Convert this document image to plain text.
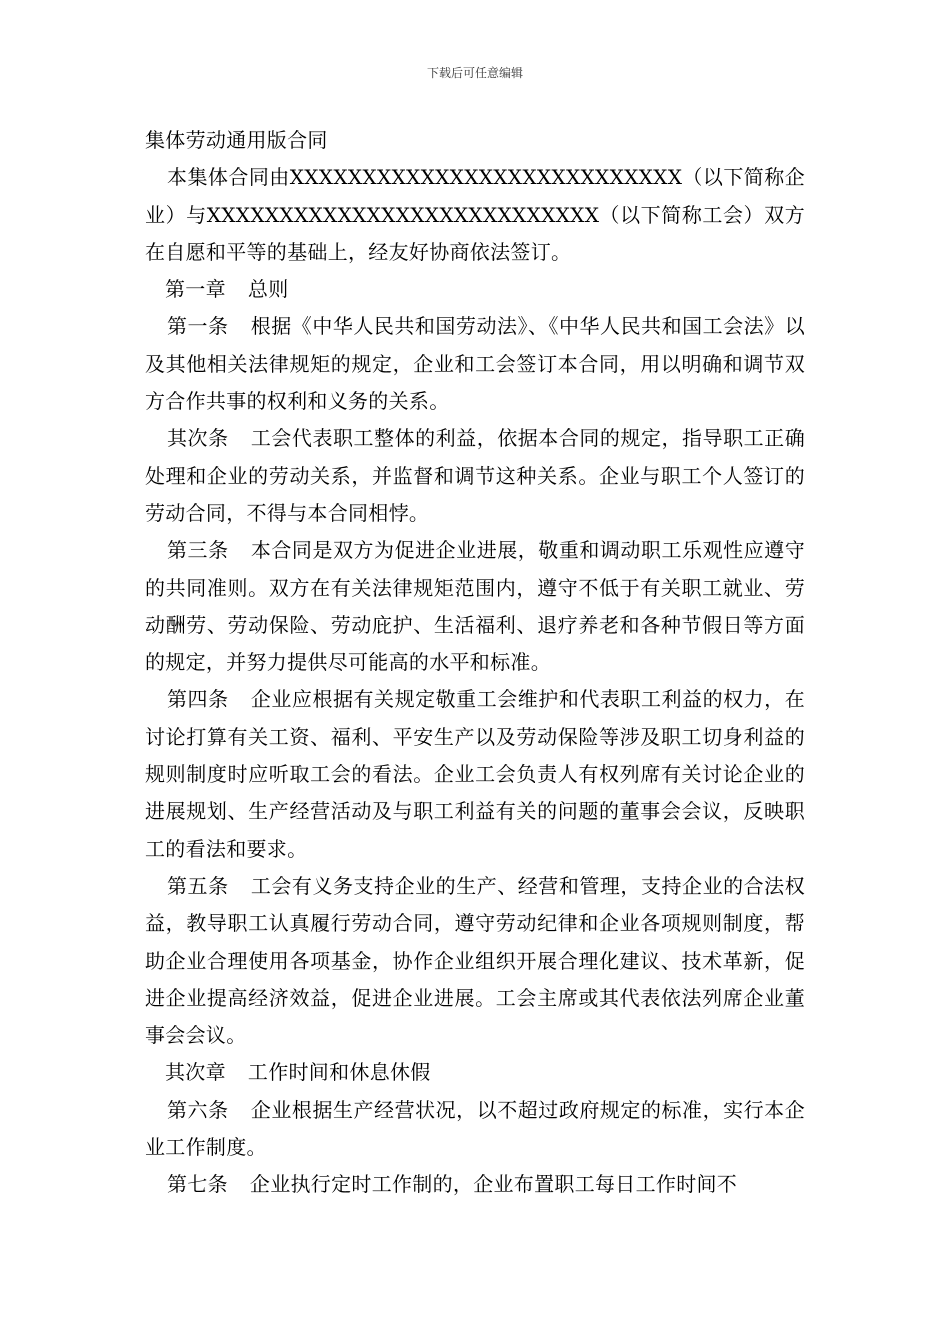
下载后可任意编辑

集体劳动通用版合同

本集体合同由XXXXXXXXXXXXXXXXXXXXXXXXXXX（以下简称企业）与XXXXXXXXXXXXXXXXXXXXXXXXXXX（以下简称工会）双方在自愿和平等的基础上，经友好协商依法签订。

第一章 总则

第一条 根据《中华人民共和国劳动法》、《中华人民共和国工会法》以及其他相关法律规矩的规定，企业和工会签订本合同，用以明确和调节双方合作共事的权利和义务的关系。

其次条 工会代表职工整体的利益，依据本合同的规定，指导职工正确处理和企业的劳动关系，并监督和调节这种关系。企业与职工个人签订的劳动合同，不得与本合同相悖。

第三条 本合同是双方为促进企业进展，敬重和调动职工乐观性应遵守的共同准则。双方在有关法律规矩范围内，遵守不低于有关职工就业、劳动酬劳、劳动保险、劳动庇护、生活福利、退疗养老和各种节假日等方面的规定，并努力提供尽可能高的水平和标准。

第四条 企业应根据有关规定敬重工会维护和代表职工利益的权力，在讨论打算有关工资、福利、平安生产以及劳动保险等涉及职工切身利益的规则制度时应听取工会的看法。企业工会负责人有权列席有关讨论企业的进展规划、生产经营活动及与职工利益有关的问题的董事会会议，反映职工的看法和要求。

第五条 工会有义务支持企业的生产、经营和管理，支持企业的合法权益，教导职工认真履行劳动合同，遵守劳动纪律和企业各项规则制度，帮助企业合理使用各项基金，协作企业组织开展合理化建议、技术革新，促进企业提高经济效益，促进企业进展。工会主席或其代表依法列席企业董事会会议。

其次章 工作时间和休息休假

第六条 企业根据生产经营状况，以不超过政府规定的标准，实行本企业工作制度。

第七条 企业执行定时工作制的，企业布置职工每日工作时间不
